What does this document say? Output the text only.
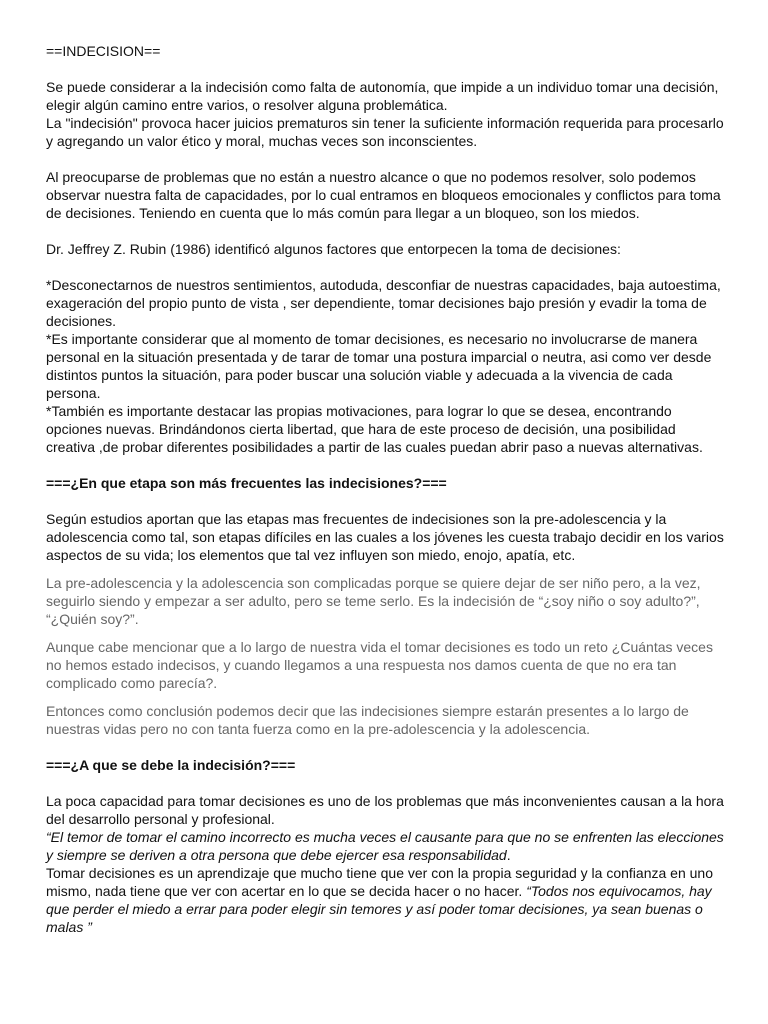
==INDECISION==

Se puede considerar a la indecisión como falta de autonomía, que impide a un individuo tomar una decisión, elegir algún camino entre varios, o resolver alguna problemática.

La "indecisión" provoca hacer juicios prematuros sin tener la suficiente información requerida para procesarlo y agregando un valor ético y moral, muchas veces son inconscientes.

Al preocuparse de problemas que no están a nuestro alcance o que no podemos resolver, solo podemos observar nuestra falta de capacidades, por lo cual entramos en bloqueos emocionales y conflictos para toma de decisiones. Teniendo en cuenta que lo más común para llegar a un bloqueo, son los miedos.

Dr. Jeffrey Z. Rubin (1986) identificó algunos factores que entorpecen la toma de decisiones:

*Desconectarnos de nuestros sentimientos, autoduda, desconfiar de nuestras capacidades, baja autoestima, exageración del propio punto de vista , ser dependiente, tomar decisiones bajo presión y evadir la toma de decisiones.

*Es importante considerar que al momento de tomar decisiones, es necesario no involucrarse de manera personal en la situación presentada y de tarar de tomar una postura imparcial o neutra, asi como ver desde distintos puntos la situación, para poder buscar una solución viable y adecuada a la vivencia de cada persona.

*También es importante destacar las propias motivaciones, para lograr lo que se desea, encontrando opciones nuevas. Brindándonos cierta libertad, que hara de este proceso de decisión, una posibilidad creativa ,de probar diferentes posibilidades a partir de las cuales puedan abrir paso a nuevas alternativas.

===¿En que etapa son más frecuentes las indecisiones?===

Según estudios aportan que las etapas mas frecuentes de indecisiones son la pre-adolescencia y la adolescencia como tal, son etapas difíciles en las cuales a los jóvenes les cuesta trabajo decidir en los varios aspectos de su vida; los elementos que tal vez influyen son miedo, enojo, apatía, etc.

La pre-adolescencia y la adolescencia son complicadas porque se quiere dejar de ser niño pero, a la vez, seguirlo siendo y empezar a ser adulto, pero se teme serlo. Es la indecisión de “¿soy niño o soy adulto?”, “¿Quién soy?”.

Aunque cabe mencionar que a lo largo de nuestra vida el tomar decisiones es todo un reto ¿Cuántas veces no hemos estado indecisos, y cuando llegamos a una respuesta nos damos cuenta de que no era tan complicado como parecía?.

Entonces como conclusión podemos decir que las indecisiones siempre estarán presentes a lo largo de nuestras vidas pero no con tanta fuerza como en la pre-adolescencia y la adolescencia.

===¿A que se debe la indecisión?===

La poca capacidad para tomar decisiones es uno de los problemas que más inconvenientes causan a la hora del desarrollo personal y profesional.

“El temor de tomar el camino incorrecto es mucha veces el causante para que no se enfrenten las elecciones y siempre se deriven a otra persona que debe ejercer esa responsabilidad.

Tomar decisiones es un aprendizaje que mucho tiene que ver con la propia seguridad y la confianza en uno mismo, nada tiene que ver con acertar en lo que se decida hacer o no hacer. “Todos nos equivocamos, hay que perder el miedo a errar para poder elegir sin temores y así poder tomar decisiones, ya sean buenas o malas ”
